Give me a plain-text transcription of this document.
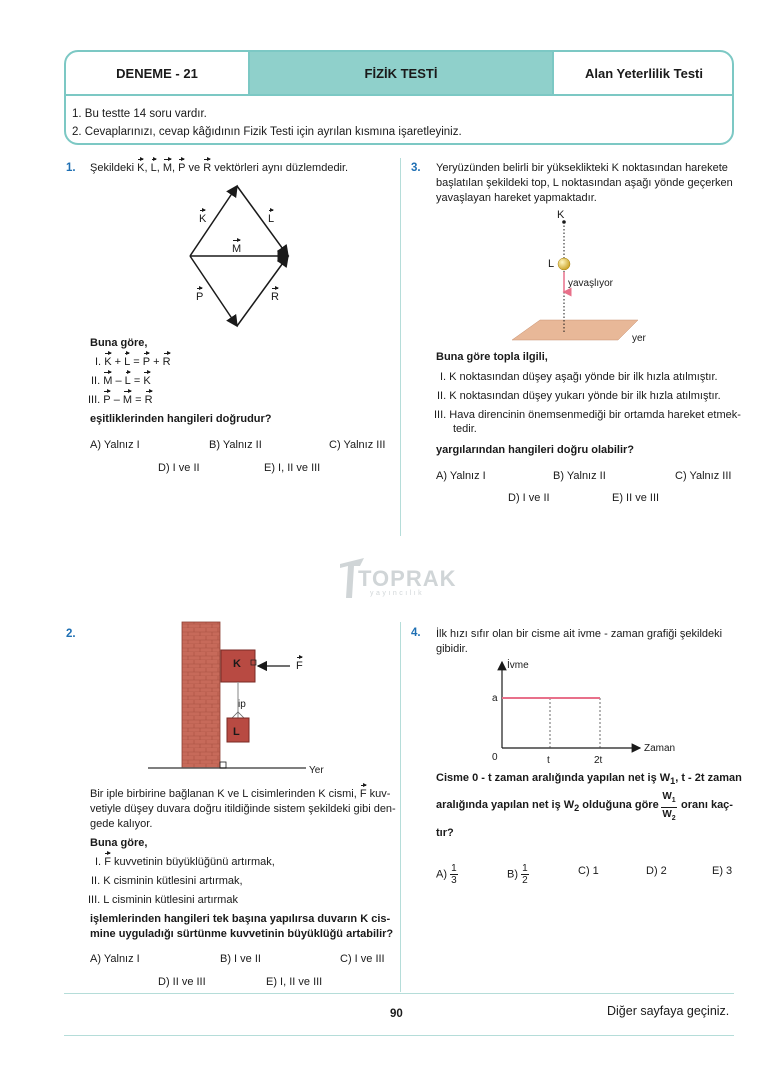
DENEME - 21	FİZİK TESTİ	Alan Yeterlilik Testi
1. Bu testte 14 soru vardır.
2. Cevaplarınızı, cevap kâğıdının Fizik Testi için ayrılan kısmına işaretleyiniz.
1. Şekildeki K, L, M, P ve R vektörleri aynı düzlemdedir.
K	L
M
P	R
Buna göre,
I. K + L = P + R
II. M – L = K
III. P – M = R
eşitliklerinden hangileri doğrudur?
A) Yalnız I	B) Yalnız II	C) Yalnız III
D) I ve II	E) I, II ve III
3. Yeryüzünden belirli bir yükseklikteki K noktasından harekete
başlatılan şekildeki top, L noktasından aşağı yönde geçerken
yavaşlayan hareket yapmaktadır.
K
L
yavaşlıyor
yer
Buna göre topla ilgili,
I. K noktasından düşey aşağı yönde bir ilk hızla atılmıştır.
II. K noktasından düşey yukarı yönde bir ilk hızla atılmıştır.
III. Hava direncinin önemsenmediği bir ortamda hareket etmek-
tedir.
yargılarından hangileri doğru olabilir?
A) Yalnız I	B) Yalnız II	C) Yalnız III
D) I ve II	E) II ve III
TOPRAK
yayıncılık
2.
K
L
ip
F
Yer
Bir iple birbirine bağlanan K ve L cisimlerinden K cismi, F kuv-
vetiyle düşey duvara doğru itildiğinde sistem şekildeki gibi den-
gede kalıyor.
Buna göre,
I. F kuvvetinin büyüklüğünü artırmak,
II. K cisminin kütlesini artırmak,
III. L cisminin kütlesini artırmak
işlemlerinden hangileri tek başına yapılırsa duvarın K cis-
mine uyguladığı sürtünme kuvvetinin büyüklüğü artabilir?
A) Yalnız I	B) I ve II	C) I ve III
D) II ve III	E) I, II ve III
4. İlk hızı sıfır olan bir cisme ait ivme - zaman grafiği şekildeki
gibidir.
İvme
Zaman
a
0	t	2t
Cisme 0 - t zaman aralığında yapılan net iş $W_1$, t - 2t zaman
aralığında yapılan net iş $W_2$ olduğuna göre
$W_1$
$W_2$
oranı kaç-
tır?
$A) \frac{1}{3}$	$B) \frac{1}{2}$	C) 1	D) 2	E) 3
90	Diğer sayfaya geçiniz.
